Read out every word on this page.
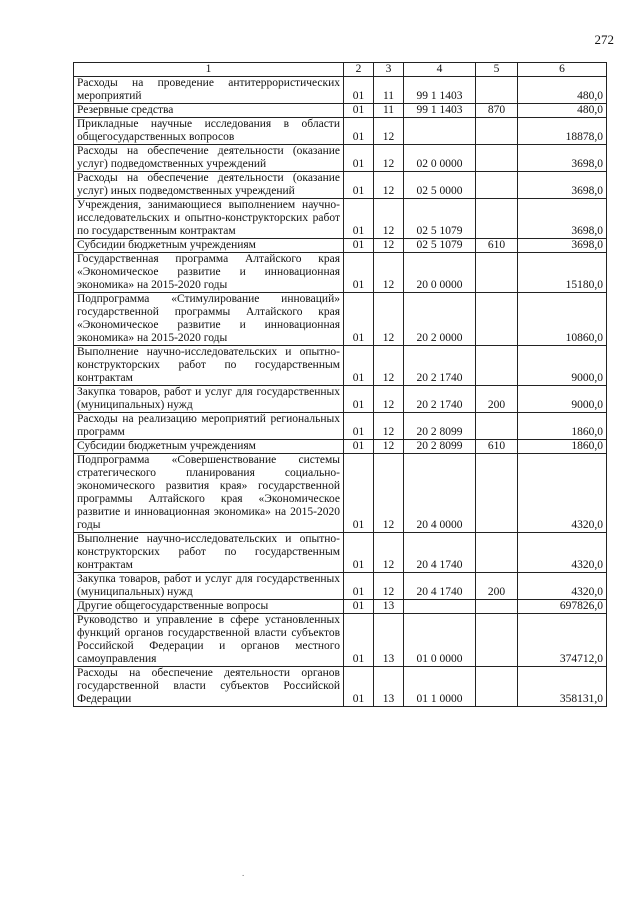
272
1	2	3	4	5	6
Расходы на проведение антитеррористических мероприятий	01	11	99 1 1403		480,0
Резервные средства	01	11	99 1 1403	870	480,0
Прикладные научные исследования в области общегосударственных вопросов	01	12			18878,0
Расходы на обеспечение деятельности (оказание услуг) подведомственных учреждений	01	12	02 0 0000		3698,0
Расходы на обеспечение деятельности (оказание услуг) иных подведомственных учреждений	01	12	02 5 0000		3698,0
Учреждения, занимающиеся выполнением научно-исследовательских и опытно-конструкторских работ по государственным контрактам	01	12	02 5 1079		3698,0
Субсидии бюджетным учреждениям	01	12	02 5 1079	610	3698,0
Государственная программа Алтайского края «Экономическое развитие и инновационная экономика» на 2015-2020 годы	01	12	20 0 0000		15180,0
Подпрограмма «Стимулирование инноваций» государственной программы Алтайского края «Экономическое развитие и инновационная экономика» на 2015-2020 годы	01	12	20 2 0000		10860,0
Выполнение научно-исследовательских и опытно-конструкторских работ по государственным контрактам	01	12	20 2 1740		9000,0
Закупка товаров, работ и услуг для государственных (муниципальных) нужд	01	12	20 2 1740	200	9000,0
Расходы на реализацию мероприятий региональных программ	01	12	20 2 8099		1860,0
Субсидии бюджетным учреждениям	01	12	20 2 8099	610	1860,0
Подпрограмма «Совершенствование системы стратегического планирования социально-экономического развития края» государственной программы Алтайского края «Экономическое развитие и инновационная экономика» на 2015-2020 годы	01	12	20 4 0000		4320,0
Выполнение научно-исследовательских и опытно-конструкторских работ по государственным контрактам	01	12	20 4 1740		4320,0
Закупка товаров, работ и услуг для государственных (муниципальных) нужд	01	12	20 4 1740	200	4320,0
Другие общегосударственные вопросы	01	13			697826,0
Руководство и управление в сфере установленных функций органов государственной власти субъектов Российской Федерации и органов местного самоуправления	01	13	01 0 0000		374712,0
Расходы на обеспечение деятельности органов государственной власти субъектов Российской Федерации	01	13	01 1 0000		358131,0
.
